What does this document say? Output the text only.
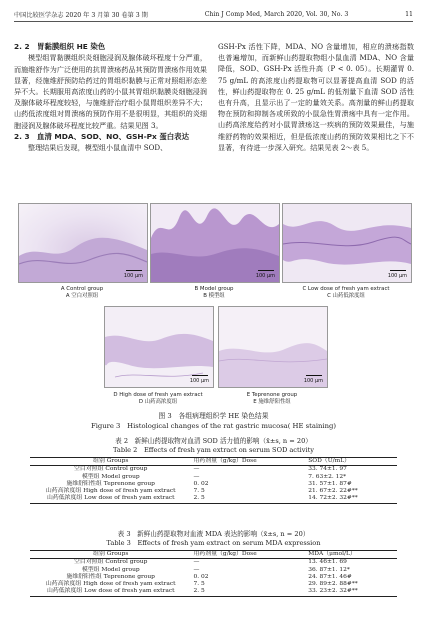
中国比较医学杂志 2020 年 3 月第 30 卷第 3 期	Chin J Comp Med, March 2020, Vol. 30, No. 3	11
2. 2　胃黏膜组织 HE 染色

模型组胃黏膜组织炎细胞浸润及腺体破坏程度十分严重，而施维舒作为广泛使用的抗胃溃疡药品其预防胃溃疡作用效果显著，经施维舒预防给药过的胃组织黏膜与正常对照组形态差异不大。长期服用高浓度山药的小鼠其胃组织黏膜炎细胞浸润及腺体破坏程度较轻，与施维舒治疗组小鼠胃组织差异不大；山药低浓度组对胃溃疡的预防作用不是很明显，其组织的炎细胞浸润及腺体破坏程度比较严重。结果见图 3。

2. 3　血清 MDA、SOD、NO、GSH-Px 蛋白表达

整理结果后发现，模型组小鼠血清中 SOD、

GSH-Px 活性下降，MDA、NO 含量增加，相应的溃疡指数也普遍增加，而新鲜山药提取物组小鼠血清 MDA、NO 含量降低，SOD、GSH-Px 活性升高（P < 0. 05）。长期灌胃 0. 75 g/mL 的高浓度山药提取物可以显著提高血清 SOD 的活性，鲜山药提取物在 0. 25 g/mL 的低剂量下血清 SOD 活性也有升高，且显示出了一定的量效关系。高剂量的鲜山药提取物在预防和抑制各或所致的小鼠急性胃溃疡中具有一定作用。山药高浓度给药对小鼠胃溃疡这一疾病的预防效果最佳，与施维舒药物的效果相近，但是低浓度山药的预防效果相比之下不显著，有待进一步深入研究。结果见表 2～表 5。

100 μm	100 μm	100 μm
A Control group
A 空白对照组
B Model group
B 模型组
C Low dose of fresh yam extract
C 山药低浓度组
100 μm	100 μm
D High dose of fresh yam extract
D 山药高浓度组
E Teprenone group
E 施维舒阳性组
图 3　各组病理组织学 HE 染色结果
Figure 3　Histological changes of the rat gastric mucosa( HE staining)
表 2　新鲜山药提取物对血清 SOD 活力值的影响（x̄±s, n = 20）
Table 2　Effects of fresh yam extract on serum SOD activity
组别 Groups	用药剂量（g/kg）Dose	SOD（U/mL）
空白对照组 Control group	—	33. 74±1. 97
模型组 Model group	—	7. 63±2. 12*
施维舒阳性组 Teprenone group	0. 02	31. 57±1. 87#
山药高浓度组 High dose of fresh yam extract	7. 5	21. 67±2. 22#**
山药低浓度组 Low dose of fresh yam extract	2. 5	14. 72±2. 32#**
表 3　新鲜山药提取物对血液 MDA 表达的影响（x̄±s, n = 20）
Table 3　Effects of fresh yam extract on serum MDA expression
组别 Groups	用药剂量（g/kg）Dose	MDA（μmol/L）
空白对照组 Control group	—	13. 46±1. 69
模型组 Model group	—	36. 87±1. 12*
施维舒阳性组 Teprenone group	0. 02	24. 87±1. 46#
山药高浓度组 High dose of fresh yam extract	7. 5	29. 89±2. 88#**
山药低浓度组 Low dose of fresh yam extract	2. 5	33. 23±2. 32#**
